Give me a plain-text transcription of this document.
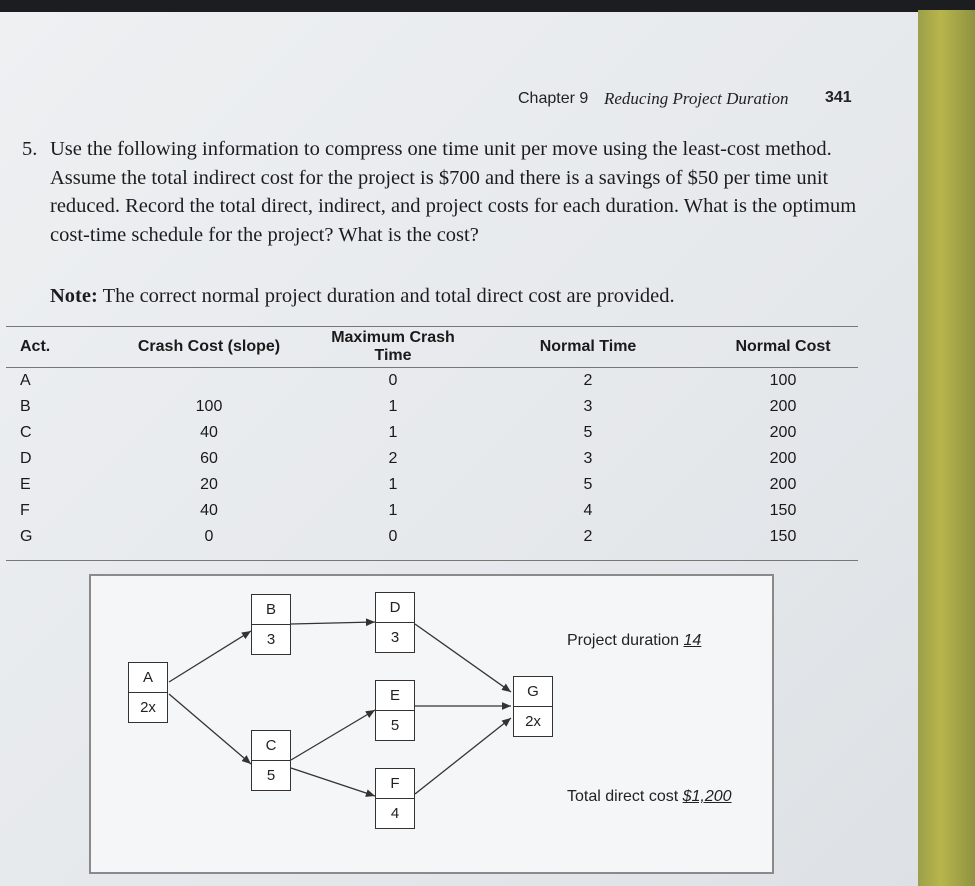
Chapter 9 Reducing Project Duration 341
5. Use the following information to compress one time unit per move using the least-cost method. Assume the total indirect cost for the project is $700 and there is a savings of $50 per time unit reduced. Record the total direct, indirect, and project costs for each duration. What is the optimum cost-time schedule for the project? What is the cost?
Note: The correct normal project duration and total direct cost are provided.
Act.	Crash Cost (slope)	Maximum Crash Time	Normal Time	Normal Cost
A		0	2	100
B	100	1	3	200
C	40	1	5	200
D	60	2	3	200
E	20	1	5	200
F	40	1	4	150
G	0	0	2	150
A
2x
B
3
C
5
D
3
E
5
F
4
G
2x
Project duration 14
Total direct cost $1,200
